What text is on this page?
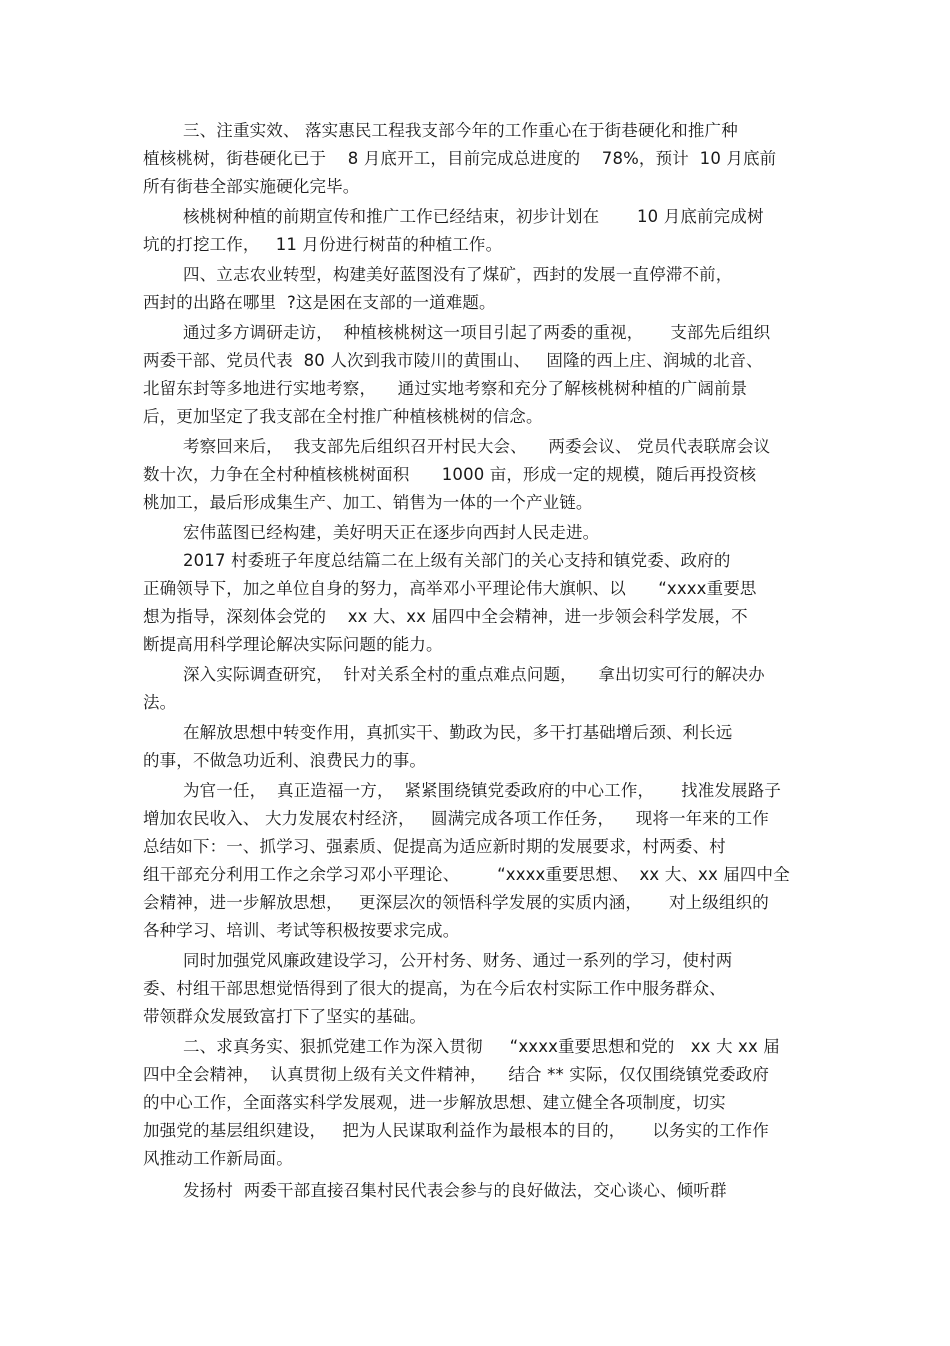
三、注重实效、 落实惠民工程我支部今年的工作重心在于街巷硬化和推广种
植核桃树，街巷硬化已于    8 月底开工，目前完成总进度的    78%，预计  10 月底前
所有街巷全部实施硬化完毕。
核桃树种植的前期宣传和推广工作已经结束，初步计划在       10 月底前完成树
坑的打挖工作，   11 月份进行树苗的种植工作。
四、立志农业转型，构建美好蓝图没有了煤矿，西封的发展一直停滞不前，
西封的出路在哪里  ?这是困在支部的一道难题。
通过多方调研走访，  种植核桃树这一项目引起了两委的重视，     支部先后组织
两委干部、党员代表  80 人次到我市陵川的黄围山、   固隆的西上庄、润城的北音、
北留东封等多地进行实地考察，    通过实地考察和充分了解核桃树种植的广阔前景
后，更加坚定了我支部在全村推广种植核桃树的信念。
考察回来后，  我支部先后组织召开村民大会、    两委会议、 党员代表联席会议
数十次，力争在全村种植核桃树面积      1000 亩，形成一定的规模，随后再投资核
桃加工，最后形成集生产、加工、销售为一体的一个产业链。
宏伟蓝图已经构建，美好明天正在逐步向西封人民走进。
2017 村委班子年度总结篇二在上级有关部门的关心支持和镇党委、政府的
正确领导下，加之单位自身的努力，高举邓小平理论伟大旗帜、以      “xxxx重要思
想为指导，深刻体会党的    xx 大、xx 届四中全会精神，进一步领会科学发展，不
断提高用科学理论解决实际问题的能力。
深入实际调查研究，  针对关系全村的重点难点问题，    拿出切实可行的解决办
法。
在解放思想中转变作用，真抓实干、勤政为民，多干打基础增后颈、利长远
的事，不做急功近利、浪费民力的事。
为官一任，  真正造福一方，  紧紧围绕镇党委政府的中心工作，     找准发展路子
增加农民收入、 大力发展农村经济，   圆满完成各项工作任务，    现将一年来的工作
总结如下：一、抓学习、强素质、促提高为适应新时期的发展要求，村两委、村
组干部充分利用工作之余学习邓小平理论、       “xxxx重要思想、  xx 大、xx 届四中全
会精神，进一步解放思想，   更深层次的领悟科学发展的实质内涵，     对上级组织的
各种学习、培训、考试等积极按要求完成。
同时加强党风廉政建设学习，公开村务、财务、通过一系列的学习，使村两
委、村组干部思想觉悟得到了很大的提高，为在今后农村实际工作中服务群众、
带领群众发展致富打下了坚实的基础。
二、求真务实、狠抓党建工作为深入贯彻     “xxxx重要思想和党的   xx 大 xx 届
四中全会精神，  认真贯彻上级有关文件精神，    结合 ** 实际，仅仅围绕镇党委政府
的中心工作，全面落实科学发展观，进一步解放思想、建立健全各项制度，切实
加强党的基层组织建设，   把为人民谋取利益作为最根本的目的，     以务实的工作作
风推动工作新局面。
发扬村  两委干部直接召集村民代表会参与的良好做法，交心谈心、倾听群
